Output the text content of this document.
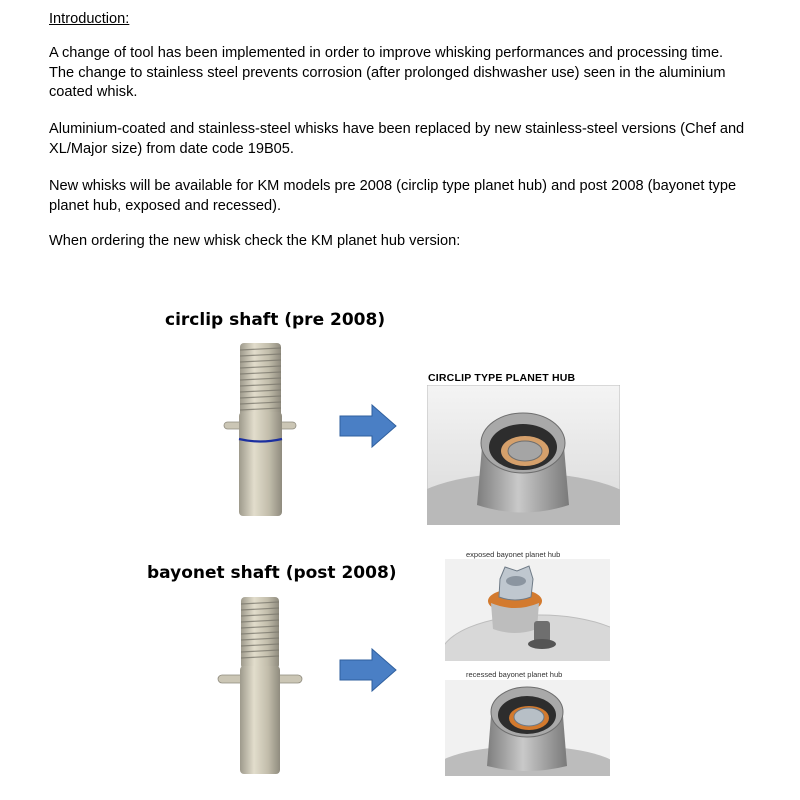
Introduction:

A change of tool has been implemented in order to improve whisking performances and processing time. The change to stainless steel prevents corrosion (after prolonged dishwasher use) seen in the aluminium coated whisk.

Aluminium-coated and stainless-steel whisks have been replaced by new stainless-steel versions (Chef and XL/Major size) from date code 19B05.

New whisks will be available for KM models pre 2008 (circlip type planet hub) and post 2008 (bayonet type planet hub, exposed and recessed).

When ordering the new whisk check the KM planet hub version:

circlip shaft (pre 2008)
bayonet shaft (post 2008)
CIRCLIP TYPE PLANET HUB
exposed bayonet planet hub
recessed bayonet planet hub
